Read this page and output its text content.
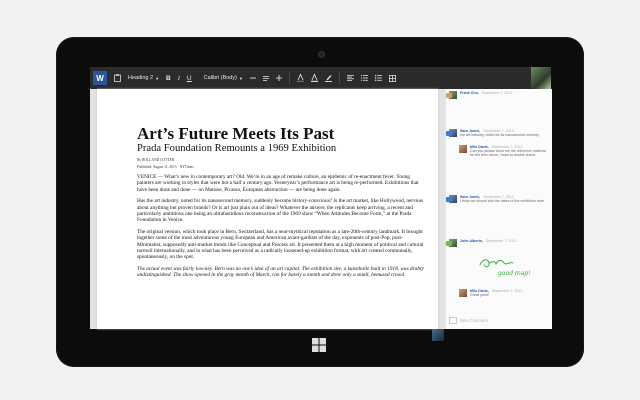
W	Heading 2 ▼ B I U Calibri (Body) ▼
Art’s Future Meets Its Past
Prada Foundation Remounts a 1969 Exhibition
By ROLLAND COTTER
Published: August 11, 2013 · NYTimes
VENICE — What’s new in contemporary art? Old. We’re in an age of remake culture, an epidemic of re-enactment fever. Young painters are working in styles that were hot a half a century ago. Yesteryear’s performance art is being re-performed. Exhibitions that have been done and done — on Matisse, Picasso, European abstraction — are being done again.
Has the art industry, noted for its nanosecond memory, suddenly become history-conscious? Is the art market, like Hollywood, nervous about anything but proven brands? Or is art just plain out of ideas? Whatever the answer, the replicants keep arriving, a recent and particularly ambitious one being an ultrafastidious reconstruction of the 1969 show “When Attitudes Become Form,” at the Prada Foundation in Venice.
The original version, which took place in Bern, Switzerland, has a near-mythical reputation as a late-20th-century landmark. It brought together some of the most adventurous young European and American avant-gardists of the day, exponents of post-Pop, post-Minimalist, supposedly anti-market trends like Conceptual and Process art. It presented them at a high moment of political and cultural turmoil internationally, and in what has been perceived as a radically loosened-up exhibition format, with art created communally, spontaneously, on the spot.
The actual event was fairly low-key. Bern was no one’s idea of an art capital. The exhibition site, a kunsthalle built in 1918, was drably undistinguished. The show opened in the gray month of March, ran for barely a month and drew only a small, bemused crowd.
Frank Cho, September 7, 2013
Sara Jones, September 7, 2013
the art industry, noted for its nanosecond memory
Milo Davis, September 7, 2013
Can you please send me the reference material for the bern show, i want to double check
Sara Jones, September 7, 2013
I think we should add the dates of the exhibition here
John Alberts, September 7, 2013
good map!
Milo Davis, September 7, 2013
Great point!
New Comment
